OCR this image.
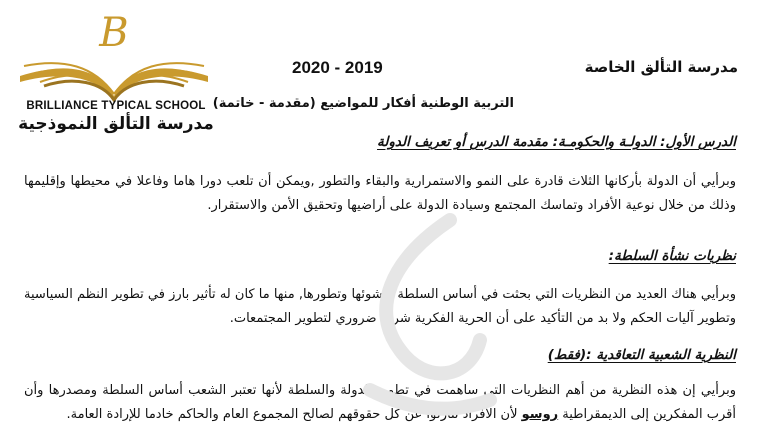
B
BRILLIANCE TYPICAL SCHOOL
مدرسة التألق النموذجية
مدرسة التألق الخاصة
2020 - 2019
التربية الوطنية أفكار للمواضيع (مقدمة - خاتمة)
الدرس الأول: الدولـة والحكومـة: مقدمة الدرس أو تعريف الدولة
وبرأيي أن الدولة بأركانها الثلاث قادرة على النمو والاستمرارية والبقاء والتطور ,ويمكن أن تلعب دورا هاما وفاعلا في محيطها وإقليمها وذلك من خلال نوعية الأفراد وتماسك المجتمع وسيادة الدولة على أراضيها وتحقيق الأمن والاستقرار.
نظريات نشأة السلطة:
وبرأيي هناك العديد من النظريات التي بحثت في أساس السلطة ونشوئها وتطورها, منها ما كان له تأثير بارز في تطوير النظم السياسية وتطوير آليات الحكم ولا بد من التأكيد على أن الحرية الفكرية شرط ضروري لتطوير المجتمعات.
النظرية الشعبية التعاقدية :(فقط)
وبرأيي إن هذه النظرية من أهم النظريات التي ساهمت في تطوير الدولة والسلطة لأنها تعتبر الشعب أساس السلطة ومصدرها وأن أقرب المفكرين إلى الديمقراطية روسو لأن الأفراد تنازلوا عن كل حقوقهم لصالح المجموع العام والحاكم خادما للإرادة العامة.
